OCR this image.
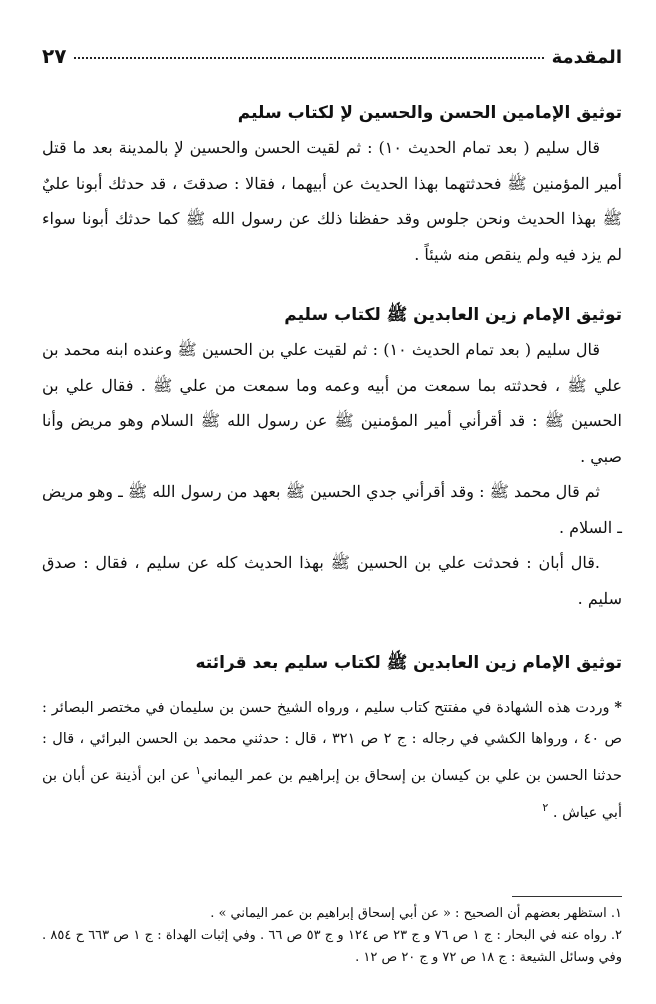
المقدمة
٢٧
توثيق الإمامين الحسن والحسين ﻹ لكتاب سليم

قال سليم ( بعد تمام الحديث ١٠) : ثم لقيت الحسن والحسين ﻹ بالمدينة بعد ما قتل أمير المؤمنين ﷺ فحدثتهما بهذا الحديث عن أبيهما ، فقالا : صدقتَ ، قد حدثك أبونا عليٌ ﷺ بهذا الحديث ونحن جلوس وقد حفظنا ذلك عن رسول الله ﷺ كما حدثك أبونا سواء لم يزد فيه ولم ينقص منه شيئاً .

توثيق الإمام زين العابدين ﷺ لكتاب سليم

قال سليم ( بعد تمام الحديث ١٠) : ثم لقيت علي بن الحسين ﷺ وعنده ابنه محمد بن علي ﷺ ، فحدثته بما سمعت من أبيه وعمه وما سمعت من علي ﷺ . فقال علي بن الحسين ﷺ : قد أقرأني أمير المؤمنين ﷺ عن رسول الله ﷺ السلام وهو مريض وأنا صبي .

ثم قال محمد ﷺ : وقد أقرأني جدي الحسين ﷺ بعهد من رسول الله ﷺ ـ وهو مريض ـ السلام .

.قال أبان : فحدثت علي بن الحسين ﷺ بهذا الحديث كله عن سليم ، فقال : صدق سليم .

توثيق الإمام زين العابدين ﷺ لكتاب سليم بعد قرائته

* وردت هذه الشهادة في مفتتح كتاب سليم ، ورواه الشيخ حسن بن سليمان في مختصر البصائر : ص ٤٠ ، ورواها الكشي في رجاله : ج ٢ ص ٣٢١ ، قال : حدثني محمد بن الحسن البرائي ، قال : حدثنا الحسن بن علي بن كيسان بن إسحاق بن إبراهيم بن عمر اليماني$^١$ عن ابن أذينة عن أبان بن أبي عياش . $^٢$

١. استظهر بعضهم أن الصحيح : « عن أبي إسحاق إبراهيم بن عمر اليماني » .

٢. رواه عنه في البحار : ج ١ ص ٧٦ و ج ٢٣ ص ١٢٤ و ج ٥٣ ص ٦٦ . وفي إثبات الهداة : ج ١ ص ٦٦٣ ح ٨٥٤ . وفي وسائل الشيعة : ج ١٨ ص ٧٢ و ج ٢٠ ص ١٢ .
